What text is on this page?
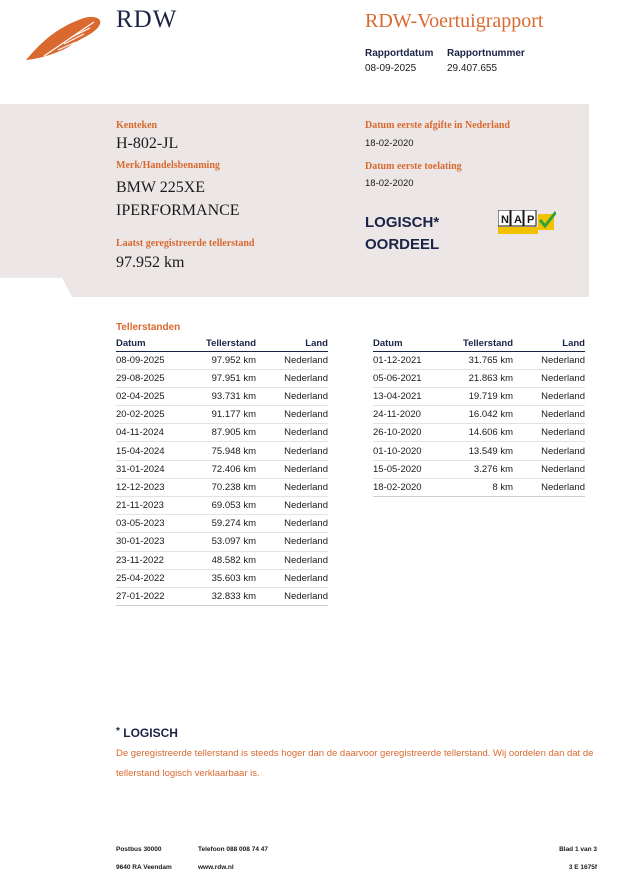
RDW	RDW-Voertuigrapport
Rapportdatum
08-09-2025
Rapportnummer
29.407.655
Kenteken
H-802-JL
Merk/Handelsbenaming
BMW 225XE
IPERFORMANCE
Laatst geregistreerde tellerstand
97.952 km
Datum eerste afgifte in Nederland
18-02-2020
Datum eerste toelating
18-02-2020
LOGISCH*
OORDEEL
N A P
Tellerstanden
Datum	Tellerstand	Land
08-09-2025	97.952 km	Nederland
29-08-2025	97.951 km	Nederland
02-04-2025	93.731 km	Nederland
20-02-2025	91.177 km	Nederland
04-11-2024	87.905 km	Nederland
15-04-2024	75.948 km	Nederland
31-01-2024	72.406 km	Nederland
12-12-2023	70.238 km	Nederland
21-11-2023	69.053 km	Nederland
03-05-2023	59.274 km	Nederland
30-01-2023	53.097 km	Nederland
23-11-2022	48.582 km	Nederland
25-04-2022	35.603 km	Nederland
27-01-2022	32.833 km	Nederland
Datum	Tellerstand	Land
01-12-2021	31.765 km	Nederland
05-06-2021	21.863 km	Nederland
13-04-2021	19.719 km	Nederland
24-11-2020	16.042 km	Nederland
26-10-2020	14.606 km	Nederland
01-10-2020	13.549 km	Nederland
15-05-2020	3.276 km	Nederland
18-02-2020	8 km	Nederland
* LOGISCH
De geregistreerde tellerstand is steeds hoger dan de daarvoor geregistreerde tellerstand. Wij oordelen dan dat de tellerstand logisch verklaarbaar is.
Postbus 30000
9640 RA Veendam
Telefoon 088 008 74 47
www.rdw.nl
Blad 1 van 3
3 E 1675f
